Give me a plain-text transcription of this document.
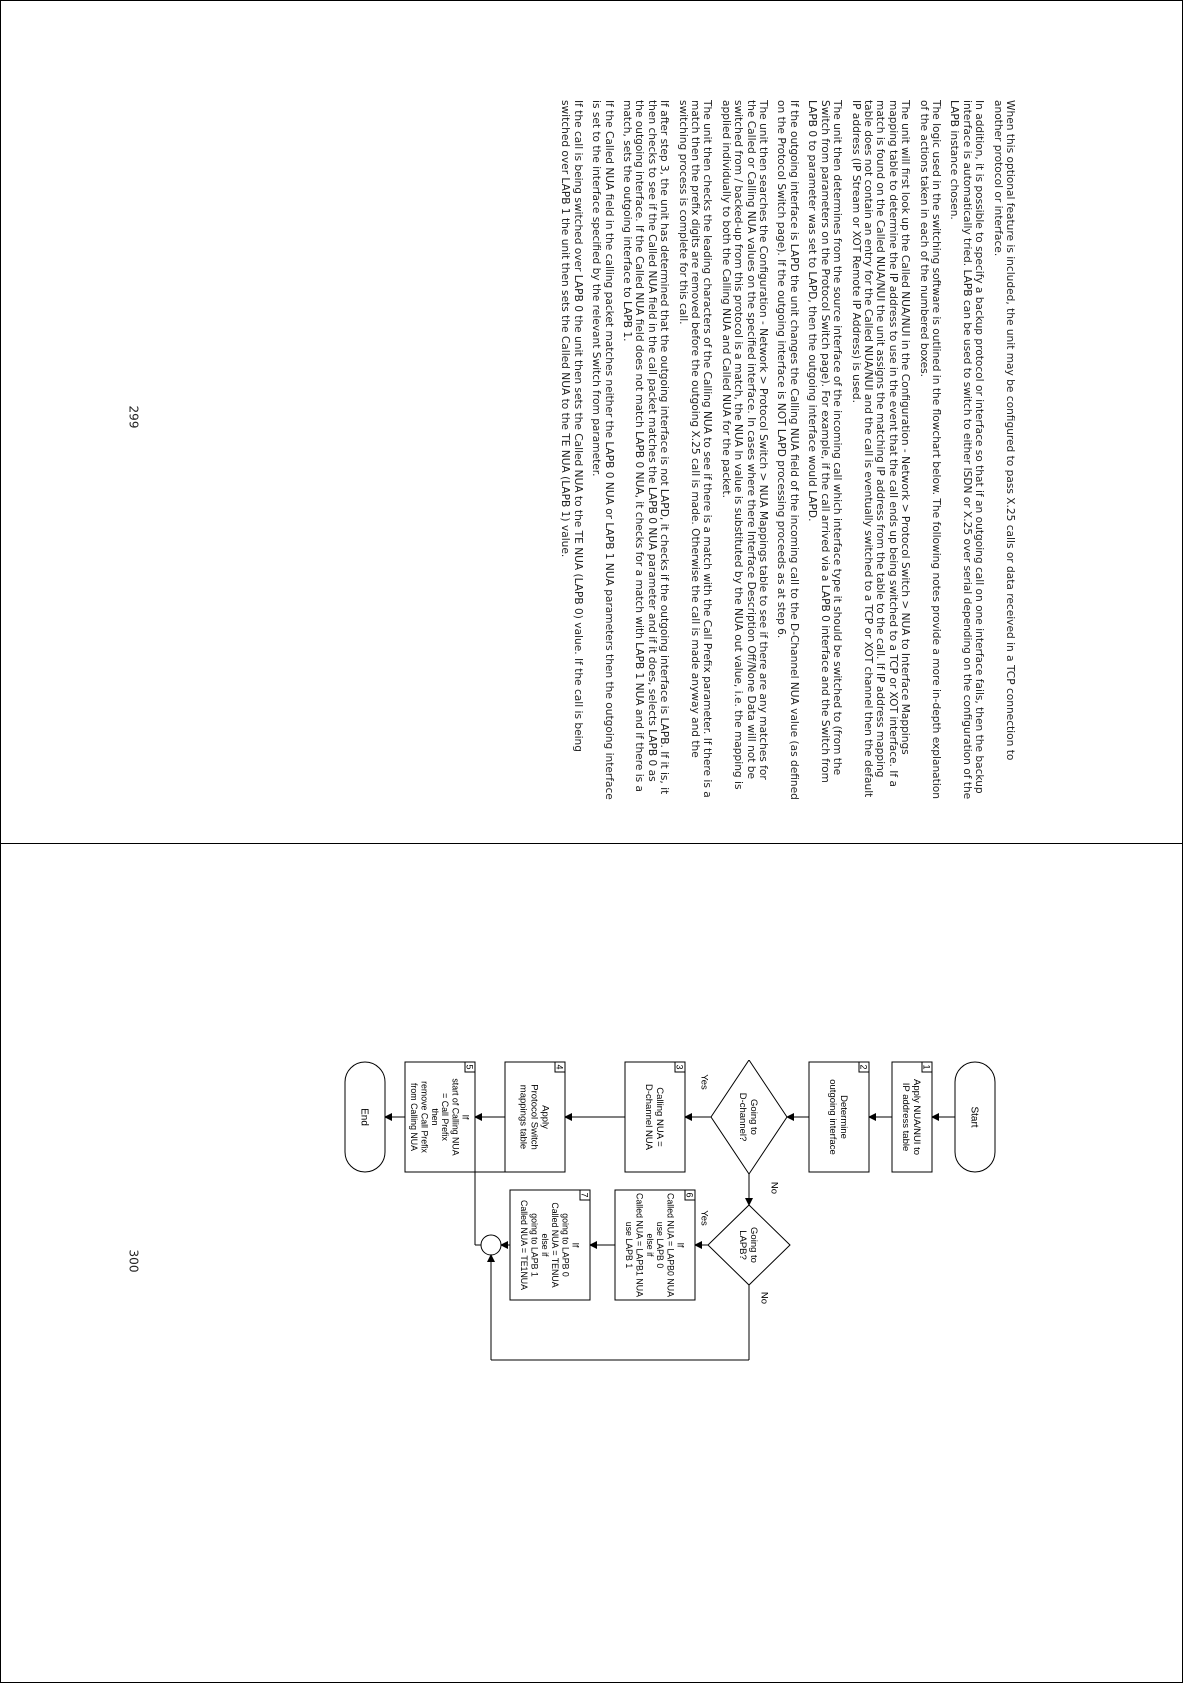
When this optional feature is included, the unit may be configured to pass X.25 calls or data received in a TCP connection to another protocol or interface.

In addition, it is possible to specify a backup protocol or interface so that if an outgoing call on one interface fails, then the backup interface is automatically tried. LAPB can be used to switch to either ISDN or X.25 over serial depending on the configuration of the LAPB instance chosen.

The logic used in the switching software is outlined in the flowchart below. The following notes provide a more in-depth explanation of the actions taken in each of the numbered boxes.

The unit will first look up the Called NUA/NUI in the Configuration - Network > Protocol Switch > NUA to Interface Mappings mapping table to determine the IP address to use in the event that the call ends up being switched to a TCP or XOT interface. If a match is found on the Called NUA/NUI the unit assigns the matching IP address from the table to the call. If IP address mapping table does not contain an entry for the Called NUA/NUI and the call is eventually switched to a TCP or XOT channel then the default IP address (IP Stream or XOT Remote IP Address) is used.

The unit then determines from the source interface of the incoming call which interface type it should be switched to (from the Switch from parameters on the Protocol Switch page). For example, if the call arrived via a LAPB 0 interface and the Switch from LAPB 0 to parameter was set to LAPD, then the outgoing interface would LAPD.

If the outgoing interface is LAPD the unit changes the Calling NUA field of the incoming call to the D-Channel NUA value (as defined on the Protocol Switch page). If the outgoing interface is NOT LAPD processing proceeds as at step 6.

The unit then searches the Configuration - Network > Protocol Switch > NUA Mappings table to see if there are any matches for the Called or Calling NUA values on the specified interface. In cases where there Interface Description Off/None Data will not be switched from / backed-up from this protocol is a match, the NUA In value is substituted by the NUA out value, i.e. the mapping is applied individually to both the Calling NUA and Called NUA for the packet.

The unit then checks the leading characters of the Calling NUA to see if there is a match with the Call Prefix parameter. If there is a match then the prefix digits are removed before the outgoing X.25 call is made. Otherwise the call is made anyway and the switching process is complete for this call.

If after step 3, the unit has determined that the outgoing interface is not LAPD, it checks if the outgoing interface is LAPB. If it is, it then checks to see if the Called NUA field in the call packet matches the LAPB 0 NUA parameter and if it does, selects LAPB 0 as the outgoing interface. If the Called NUA field does not match LAPB 0 NUA, it checks for a match with LAPB 1 NUA and if there is a match, sets the outgoing interface to LAPB 1.

If the Called NUA field in the calling packet matches neither the LAPB 0 NUA or LAPB 1 NUA parameters then the outgoing interface is set to the interface specified by the relevant Switch from parameter.

If the call is being switched over LAPB 0 the unit then sets the Called NUA to the TE NUA (LAPB 0) value. If the call is being switched over LAPB 1 the unit then sets the Called NUA to the TE NUA (LAPB 1) value.

299
300
Start
1
Apply NUA/NUI to
IP address table
2
Determine
outgoing interface
Going to
D-channel?
Yes
No
3
Calling NUA =
D-channel NUA
4
Apply
Protocol Switch
mappings table
5
If
start of Calling NUA
= Call Prefix
then
remove Call Prefix
from Calling NUA
End
Going to
LAPB?
Yes
No
6
If
Called NUA = LAPB0 NUA
use LAPB 0
else if
Called NUA = LAPB1 NUA
use LAPB 1
7
If
going to LAPB 0
Called NUA = TENUA
else if
going to LAPB 1
Called NUA = TE1NUA
